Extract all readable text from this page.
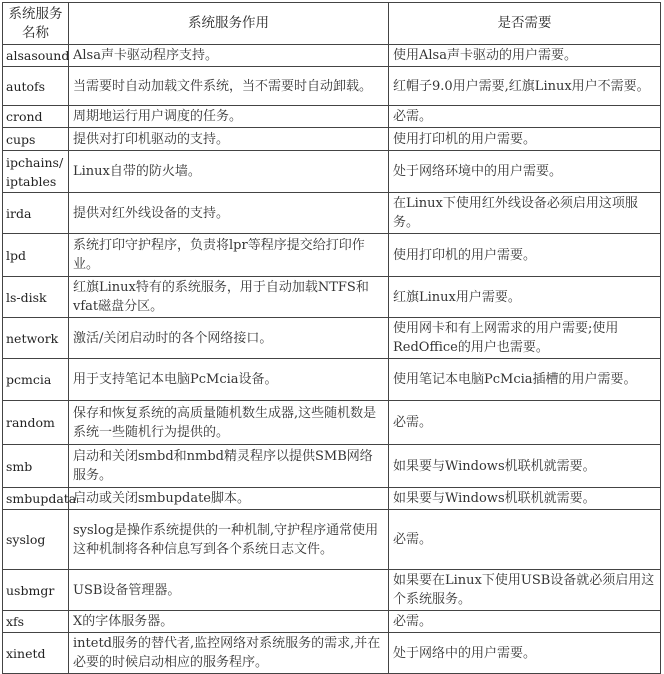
系统服务名称	系统服务作用	是否需要
alsasound	Alsa声卡驱动程序支持。	使用Alsa声卡驱动的用户需要。
autofs	当需要时自动加载文件系统，当不需要时自动卸载。	红帽子9.0用户需要,红旗Linux用户不需要。
crond	周期地运行用户调度的任务。	必需。
cups	提供对打印机驱动的支持。	使用打印机的用户需要。
ipchains/ iptables	Linux自带的防火墙。	处于网络环境中的用户需要。
irda	提供对红外线设备的支持。	在Linux下使用红外线设备必须启用这项服务。
lpd	系统打印守护程序，负责将lpr等程序提交给打印作业。	使用打印机的用户需要。
ls-disk	红旗Linux特有的系统服务，用于自动加载NTFS和vfat磁盘分区。	红旗Linux用户需要。
network	激活/关闭启动时的各个网络接口。	使用网卡和有上网需求的用户需要;使用RedOffice的用户也需要。
pcmcia	用于支持笔记本电脑PcMcia设备。	使用笔记本电脑PcMcia插槽的用户需要。
random	保存和恢复系统的高质量随机数生成器,这些随机数是系统一些随机行为提供的。	必需。
smb	启动和关闭smbd和nmbd精灵程序以提供SMB网络服务。	如果要与Windows机联机就需要。
smbupdata	启动或关闭smbupdate脚本。	如果要与Windows机联机就需要。
syslog	syslog是操作系统提供的一种机制,守护程序通常使用这种机制将各种信息写到各个系统日志文件。	必需。
usbmgr	USB设备管理器。	如果要在Linux下使用USB设备就必须启用这个系统服务。
xfs	X的字体服务器。	必需。
xinetd	intetd服务的替代者,监控网络对系统服务的需求,并在必要的时候启动相应的服务程序。	处于网络中的用户需要。
